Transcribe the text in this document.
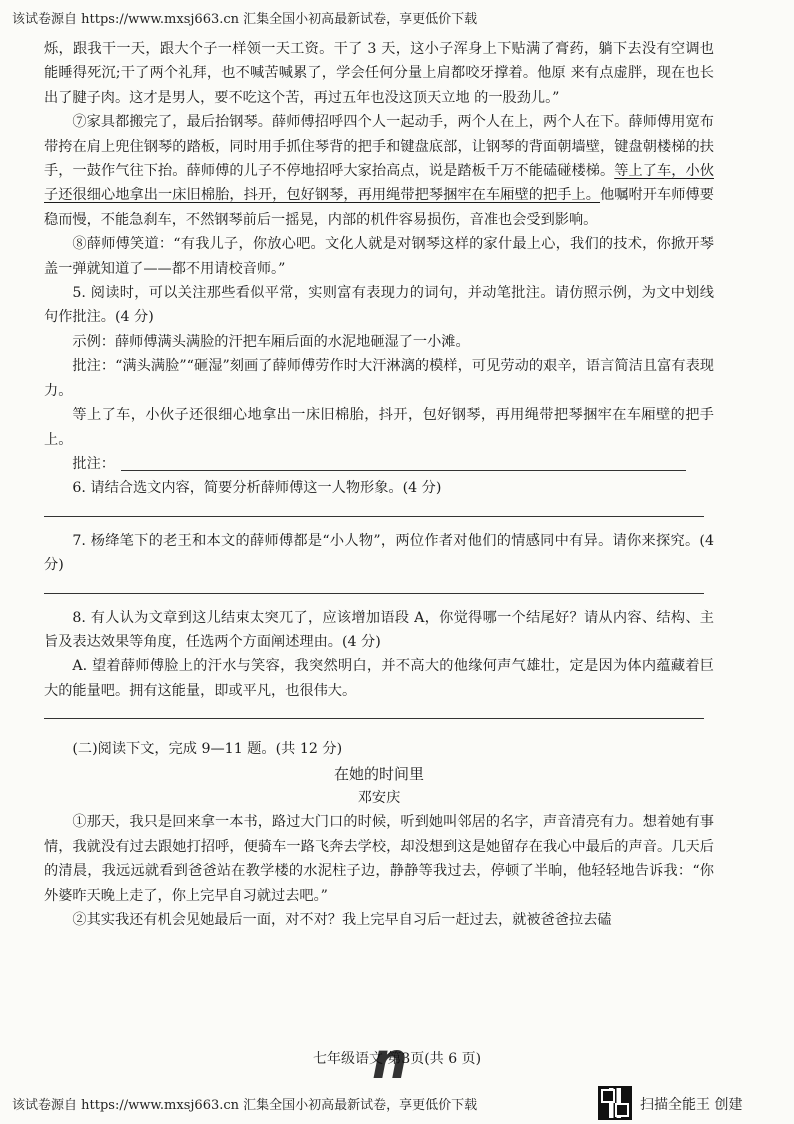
该试卷源自 https://www.mxsj663.cn 汇集全国小初高最新试卷，享更低价下载

烁，跟我干一天，跟大个子一样领一天工资。干了 3 天，这小子浑身上下贴满了膏药，躺下去没有空调也能睡得死沉;干了两个礼拜，也不喊苦喊累了，学会任何分量上肩都咬牙撑着。他原 来有点虚胖，现在也长出了腱子肉。这才是男人，要不吃这个苦，再过五年也没这顶天立地 的一股劲儿。”

⑦家具都搬完了，最后抬钢琴。薛师傅招呼四个人一起动手，两个人在上，两个人在下。薛师傅用宽布带挎在肩上兜住钢琴的踏板，同时用手抓住琴背的把手和键盘底部，让钢琴的背面朝墙壁，键盘朝楼梯的扶手，一鼓作气往下抬。薛师傅的儿子不停地招呼大家抬高点，说是踏板千万不能磕碰楼梯。等上了车，小伙子还很细心地拿出一床旧棉胎，抖开，包好钢琴，再用绳带把琴捆牢在车厢壁的把手上。他嘱咐开车师傅要稳而慢，不能急刹车，不然钢琴前后一摇晃，内部的机件容易损伤，音准也会受到影响。

⑧薛师傅笑道：“有我儿子，你放心吧。文化人就是对钢琴这样的家什最上心，我们的技术，你掀开琴盖一弹就知道了——都不用请校音师。”

5. 阅读时，可以关注那些看似平常，实则富有表现力的词句，并动笔批注。请仿照示例，为文中划线句作批注。(4 分)

示例：薛师傅满头满脸的汗把车厢后面的水泥地砸湿了一小滩。

批注：“满头满脸”“砸湿”刻画了薛师傅劳作时大汗淋漓的模样，可见劳动的艰辛，语言简洁且富有表现力。

等上了车，小伙子还很细心地拿出一床旧棉胎，抖开，包好钢琴，再用绳带把琴捆牢在车厢壁的把手上。

批注：

6. 请结合选文内容，简要分析薛师傅这一人物形象。(4 分)

7. 杨绛笔下的老王和本文的薛师傅都是“小人物”，两位作者对他们的情感同中有异。请你来探究。(4 分)

8. 有人认为文章到这儿结束太突兀了，应该增加语段 A，你觉得哪一个结尾好？请从内容、结构、主旨及表达效果等角度，任选两个方面阐述理由。(4 分)

A. 望着薛师傅脸上的汗水与笑容，我突然明白，并不高大的他缘何声气雄壮，定是因为体内蕴藏着巨大的能量吧。拥有这能量，即或平凡，也很伟大。

(二)阅读下文，完成 9—11 题。(共 12 分)

在她的时间里

邓安庆

①那天，我只是回来拿一本书，路过大门口的时候，听到她叫邻居的名字，声音清亮有力。想着她有事情，我就没有过去跟她打招呼，便骑车一路飞奔去学校，却没想到这是她留存在我心中最后的声音。几天后的清晨，我远远就看到爸爸站在教学楼的水泥柱子边，静静等我过去，停顿了半晌，他轻轻地告诉我：“你外婆昨天晚上走了，你上完早自习就过去吧。”

②其实我还有机会见她最后一面，对不对？我上完早自习后一赶过去，就被爸爸拉去磕

七年级语文 第3页(共 6 页)
n
该试卷源自 https://www.mxsj663.cn 汇集全国小初高最新试卷，享更低价下载	扫描全能王 创建
